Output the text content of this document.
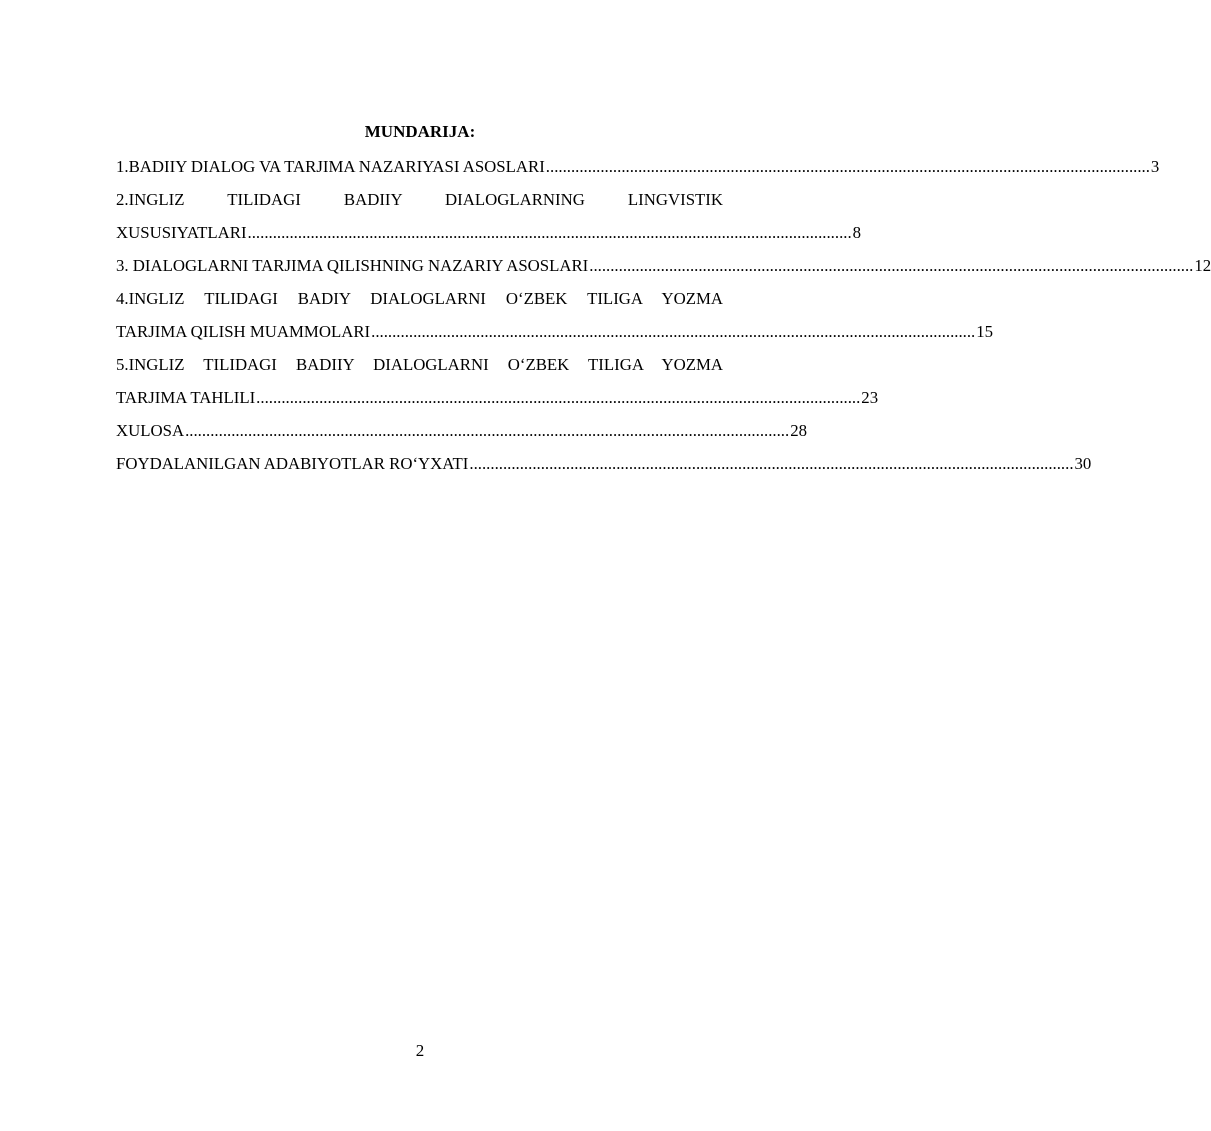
MUNDARIJA:
1.BADIIY DIALOG VA TARJIMA NAZARIYASI ASOSLARI ................................................................................................................................................ 3
2.INGLIZ TILIDAGI BADIIY DIALOGLARNING LINGVISTIK
XUSUSIYATLARI ................................................................................................................................................ 8
3. DIALOGLARNI TARJIMA QILISHNING NAZARIY ASOSLARI ................................................................................................................................................ 12
4.INGLIZ TILIDAGI BADIY DIALOGLARNI O‘ZBEK TILIGA YOZMA
TARJIMA QILISH MUAMMOLARI ................................................................................................................................................ 15
5.INGLIZ TILIDAGI BADIIY DIALOGLARNI O‘ZBEK TILIGA YOZMA
TARJIMA TAHLILI ................................................................................................................................................ 23
XULOSA ................................................................................................................................................ 28
FOYDALANILGAN ADABIYOTLAR RO‘YXATI ................................................................................................................................................ 30
2
